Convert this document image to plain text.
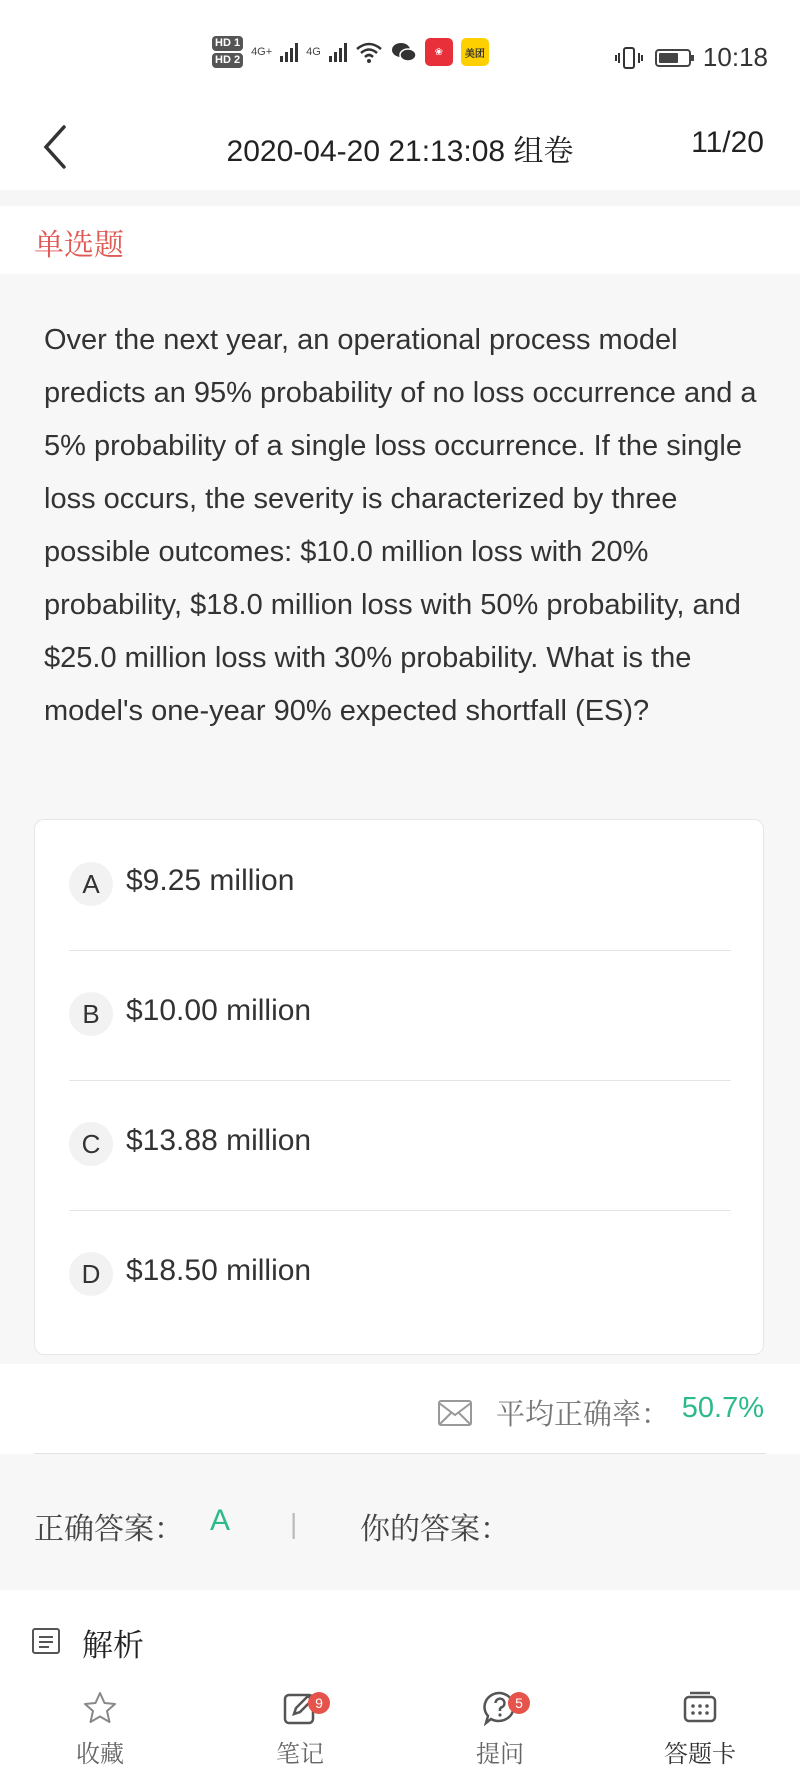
HD 1
HD 2
4G+	4G	❀	美团	10:18
2020-04-20 21:13:08 组卷	11/20
单选题
Over the next year, an operational process model predicts an 95% probability of no loss occurrence and a 5% probability of a single loss occurrence. If the single loss occurs, the severity is characterized by three possible outcomes: $10.0 million loss with 20% probability, $18.0 million loss with 50% probability, and $25.0 million loss with 30% probability. What is the model's one-year 90% expected shortfall (ES)?
A $9.25 million
B $10.00 million
C $13.88 million
D $18.50 million
平均正确率： 50.7%
正确答案： A | 你的答案：
解析
收藏
9
笔记
5
提问	答题卡
